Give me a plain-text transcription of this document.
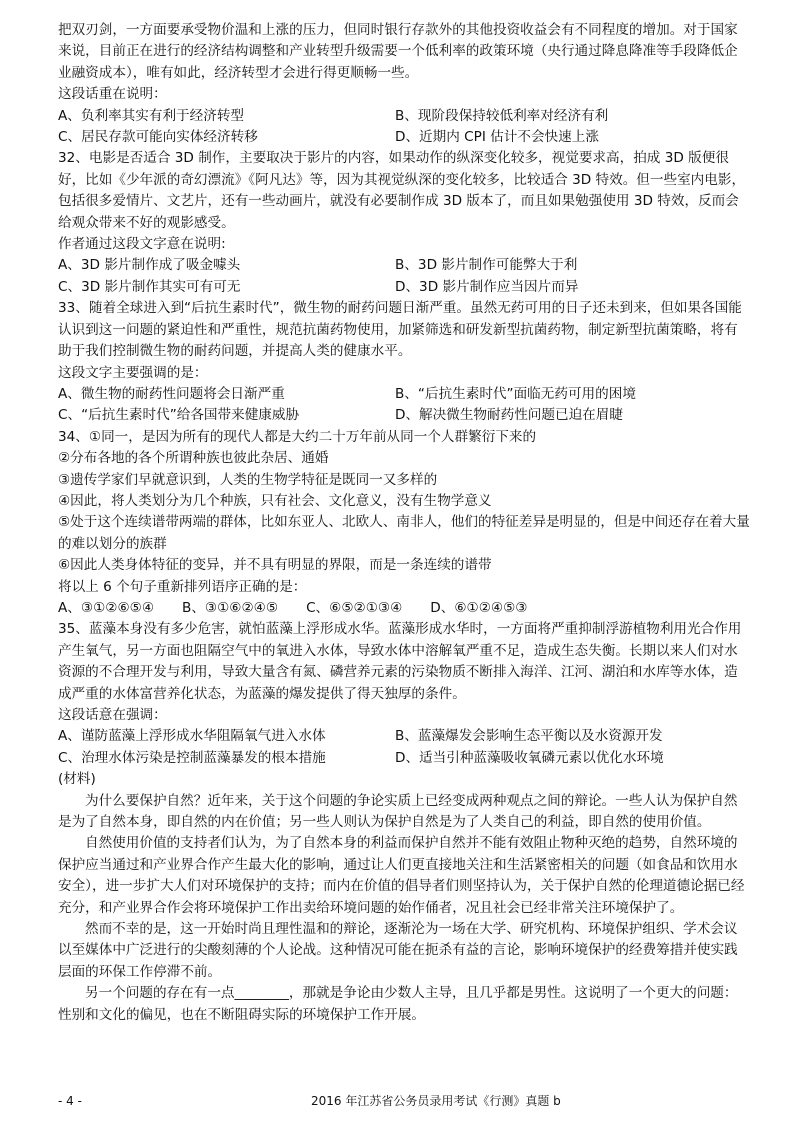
把双刃剑，一方面要承受物价温和上涨的压力，但同时银行存款外的其他投资收益会有不同程度的增加。对于国家来说，目前正在进行的经济结构调整和产业转型升级需要一个低利率的政策环境（央行通过降息降准等手段降低企业融资成本），唯有如此，经济转型才会进行得更顺畅一些。

这段话重在说明：

A、负利率其实有利于经济转型	B、现阶段保持较低利率对经济有利
C、居民存款可能向实体经济转移	D、近期内 CPI 估计不会快速上涨

32、电影是否适合 3D 制作，主要取决于影片的内容，如果动作的纵深变化较多，视觉要求高，拍成 3D 版便很好，比如《少年派的奇幻漂流》《阿凡达》等，因为其视觉纵深的变化较多，比较适合 3D 特效。但一些室内电影，包括很多爱情片、文艺片，还有一些动画片，就没有必要制作成 3D 版本了，而且如果勉强使用 3D 特效，反而会给观众带来不好的观影感受。

作者通过这段文字意在说明:

A、3D 影片制作成了吸金噱头	B、3D 影片制作可能弊大于利
C、3D 影片制作其实可有可无	D、3D 影片制作应当因片而异

33、随着全球进入到“后抗生素时代”，微生物的耐药问题日渐严重。虽然无药可用的日子还未到来，但如果各国能认识到这一问题的紧迫性和严重性，规范抗菌药物使用，加紧筛选和研发新型抗菌药物，制定新型抗菌策略，将有助于我们控制微生物的耐药问题，并提高人类的健康水平。

这段文字主要强调的是：

A、微生物的耐药性问题将会日渐严重	B、“后抗生素时代”面临无药可用的困境
C、“后抗生素时代”给各国带来健康威胁	D、解决微生物耐药性问题已迫在眉睫

34、①同一，是因为所有的现代人都是大约二十万年前从同一个人群繁衍下来的

②分布各地的各个所谓种族也彼此杂居、通婚

③遗传学家们早就意识到，人类的生物学特征是既同一又多样的

④因此，将人类划分为几个种族，只有社会、文化意义，没有生物学意义

⑤处于这个连续谱带两端的群体，比如东亚人、北欧人、南非人，他们的特征差异是明显的，但是中间还存在着大量的难以划分的族群

⑥因此人类身体特征的变异，并不具有明显的界限，而是一条连续的谱带

将以上 6 个句子重新排列语序正确的是：

A、③①②⑥⑤④ B、③①⑥②④⑤ C、⑥⑤②①③④ D、⑥①②④⑤③

35、蓝藻本身没有多少危害，就怕蓝藻上浮形成水华。蓝藻形成水华时，一方面将严重抑制浮游植物利用光合作用产生氧气，另一方面也阻隔空气中的氧进入水体，导致水体中溶解氧严重不足，造成生态失衡。长期以来人们对水资源的不合理开发与利用，导致大量含有氮、磷营养元素的污染物质不断排入海洋、江河、湖泊和水库等水体，造成严重的水体富营养化状态，为蓝藻的爆发提供了得天独厚的条件。

这段话意在强调：

A、谨防蓝藻上浮形成水华阻隔氧气进入水体	B、蓝藻爆发会影响生态平衡以及水资源开发
C、治理水体污染是控制蓝藻暴发的根本措施	D、适当引种蓝藻吸收氧磷元素以优化水环境

(材料)

为什么要保护自然？近年来，关于这个问题的争论实质上已经变成两种观点之间的辩论。一些人认为保护自然是为了自然本身，即自然的内在价值；另一些人则认为保护自然是为了人类自己的利益，即自然的使用价值。

自然使用价值的支持者们认为，为了自然本身的利益而保护自然并不能有效阻止物种灭绝的趋势，自然环境的保护应当通过和产业界合作产生最大化的影响，通过让人们更直接地关注和生活紧密相关的问题（如食品和饮用水安全），进一步扩大人们对环境保护的支持；而内在价值的倡导者们则坚持认为，关于保护自然的伦理道德论据已经充分，和产业界合作会将环境保护工作出卖给环境问题的始作俑者，况且社会已经非常关注环境保护了。

然而不幸的是，这一开始时尚且理性温和的辩论，逐渐沦为一场在大学、研究机构、环境保护组织、学术会议以至媒体中广泛进行的尖酸刻薄的个人论战。这种情况可能在扼杀有益的言论，影响环境保护的经费筹措并使实践层面的环保工作停滞不前。

另一个问题的存在有一点________，那就是争论由少数人主导，且几乎都是男性。这说明了一个更大的问题：性别和文化的偏见，也在不断阻碍实际的环境保护工作开展。

- 4 -	2016 年江苏省公务员录用考试《行测》真题 b
